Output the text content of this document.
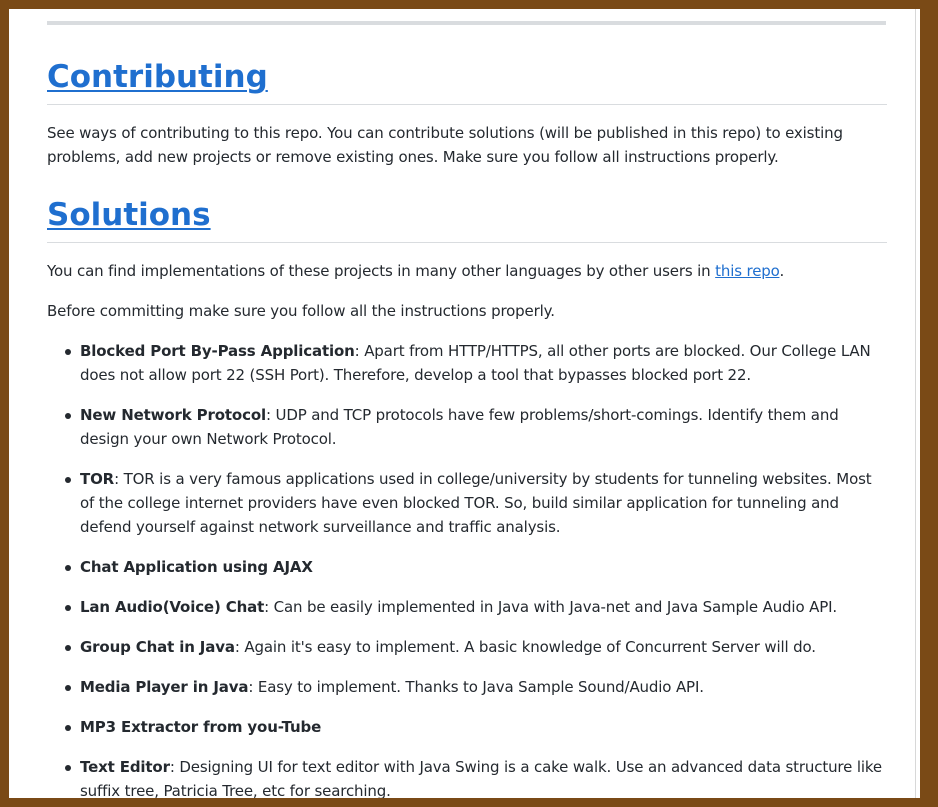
Contributing

See ways of contributing to this repo. You can contribute solutions (will be published in this repo) to existing problems, add new projects or remove existing ones. Make sure you follow all instructions properly.

Solutions

You can find implementations of these projects in many other languages by other users in this repo.

Before committing make sure you follow all the instructions properly.

Blocked Port By-Pass Application: Apart from HTTP/HTTPS, all other ports are blocked. Our College LAN does not allow port 22 (SSH Port). Therefore, develop a tool that bypasses blocked port 22.
New Network Protocol: UDP and TCP protocols have few problems/short-comings. Identify them and design your own Network Protocol.
TOR: TOR is a very famous applications used in college/university by students for tunneling websites. Most of the college internet providers have even blocked TOR. So, build similar application for tunneling and defend yourself against network surveillance and traffic analysis.
Chat Application using AJAX
Lan Audio(Voice) Chat: Can be easily implemented in Java with Java-net and Java Sample Audio API.
Group Chat in Java: Again it's easy to implement. A basic knowledge of Concurrent Server will do.
Media Player in Java: Easy to implement. Thanks to Java Sample Sound/Audio API.
MP3 Extractor from you-Tube
Text Editor: Designing UI for text editor with Java Swing is a cake walk. Use an advanced data structure like suffix tree, Patricia Tree, etc for searching.
